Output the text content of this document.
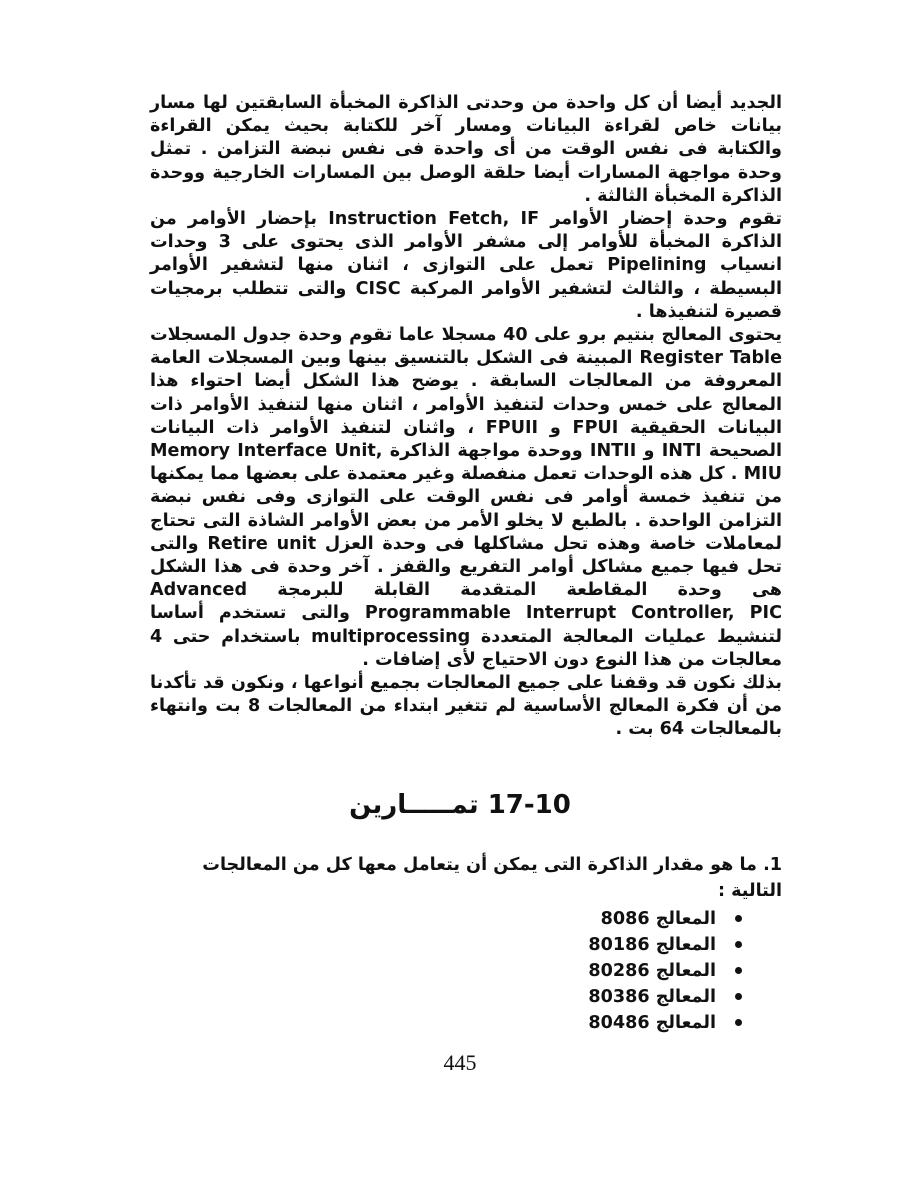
الجديد أيضا أن كل واحدة من وحدتى الذاكرة المخبأة السابقتين لها مسار بيانات خاص لقراءة البيانات ومسار آخر للكتابة بحيث يمكن القراءة والكتابة فى نفس الوقت من أى واحدة فى نفس نبضة التزامن . تمثل وحدة مواجهة المسارات أيضا حلقة الوصل بين المسارات الخارجية ووحدة الذاكرة المخبأة الثالثة .

تقوم وحدة إحضار الأوامر Instruction Fetch, IF بإحضار الأوامر من الذاكرة المخبأة للأوامر إلى مشفر الأوامر الذى يحتوى على 3 وحدات انسياب Pipelining تعمل على التوازى ، اثنان منها لتشفير الأوامر البسيطة ، والثالث لتشفير الأوامر المركبة CISC والتى تتطلب برمجيات قصيرة لتنفيذها .

يحتوى المعالج بنتيم برو على 40 مسجلا عاما تقوم وحدة جدول المسجلات Register Table المبينة فى الشكل بالتنسيق بينها وبين المسجلات العامة المعروفة من المعالجات السابقة . يوضح هذا الشكل أيضا احتواء هذا المعالج على خمس وحدات لتنفيذ الأوامر ، اثنان منها لتنفيذ الأوامر ذات البيانات الحقيقية FPUI و FPUII ، واثنان لتنفيذ الأوامر ذات البيانات الصحيحة INTI و INTII ووحدة مواجهة الذاكرة Memory Interface Unit, MIU . كل هذه الوحدات تعمل منفصلة وغير معتمدة على بعضها مما يمكنها من تنفيذ خمسة أوامر فى نفس الوقت على التوازى وفى نفس نبضة التزامن الواحدة . بالطبع لا يخلو الأمر من بعض الأوامر الشاذة التى تحتاج لمعاملات خاصة وهذه تحل مشاكلها فى وحدة العزل Retire unit والتى تحل فيها جميع مشاكل أوامر التفريع والقفز . آخر وحدة فى هذا الشكل هى وحدة المقاطعة المتقدمة القابلة للبرمجة Advanced Programmable Interrupt Controller, PIC والتى تستخدم أساسا لتنشيط عمليات المعالجة المتعددة multiprocessing باستخدام حتى 4 معالجات من هذا النوع دون الاحتياج لأى إضافات .

بذلك نكون قد وقفنا على جميع المعالجات بجميع أنواعها ، ونكون قد تأكدنا من أن فكرة المعالج الأساسية لم تتغير ابتداء من المعالجات 8 بت وانتهاء بالمعالجات 64 بت .

17-10 تمـــــارين

1. ما هو مقدار الذاكرة التى يمكن أن يتعامل معها كل من المعالجات التالية :

المعالج 8086
المعالج 80186
المعالج 80286
المعالج 80386
المعالج 80486
445
